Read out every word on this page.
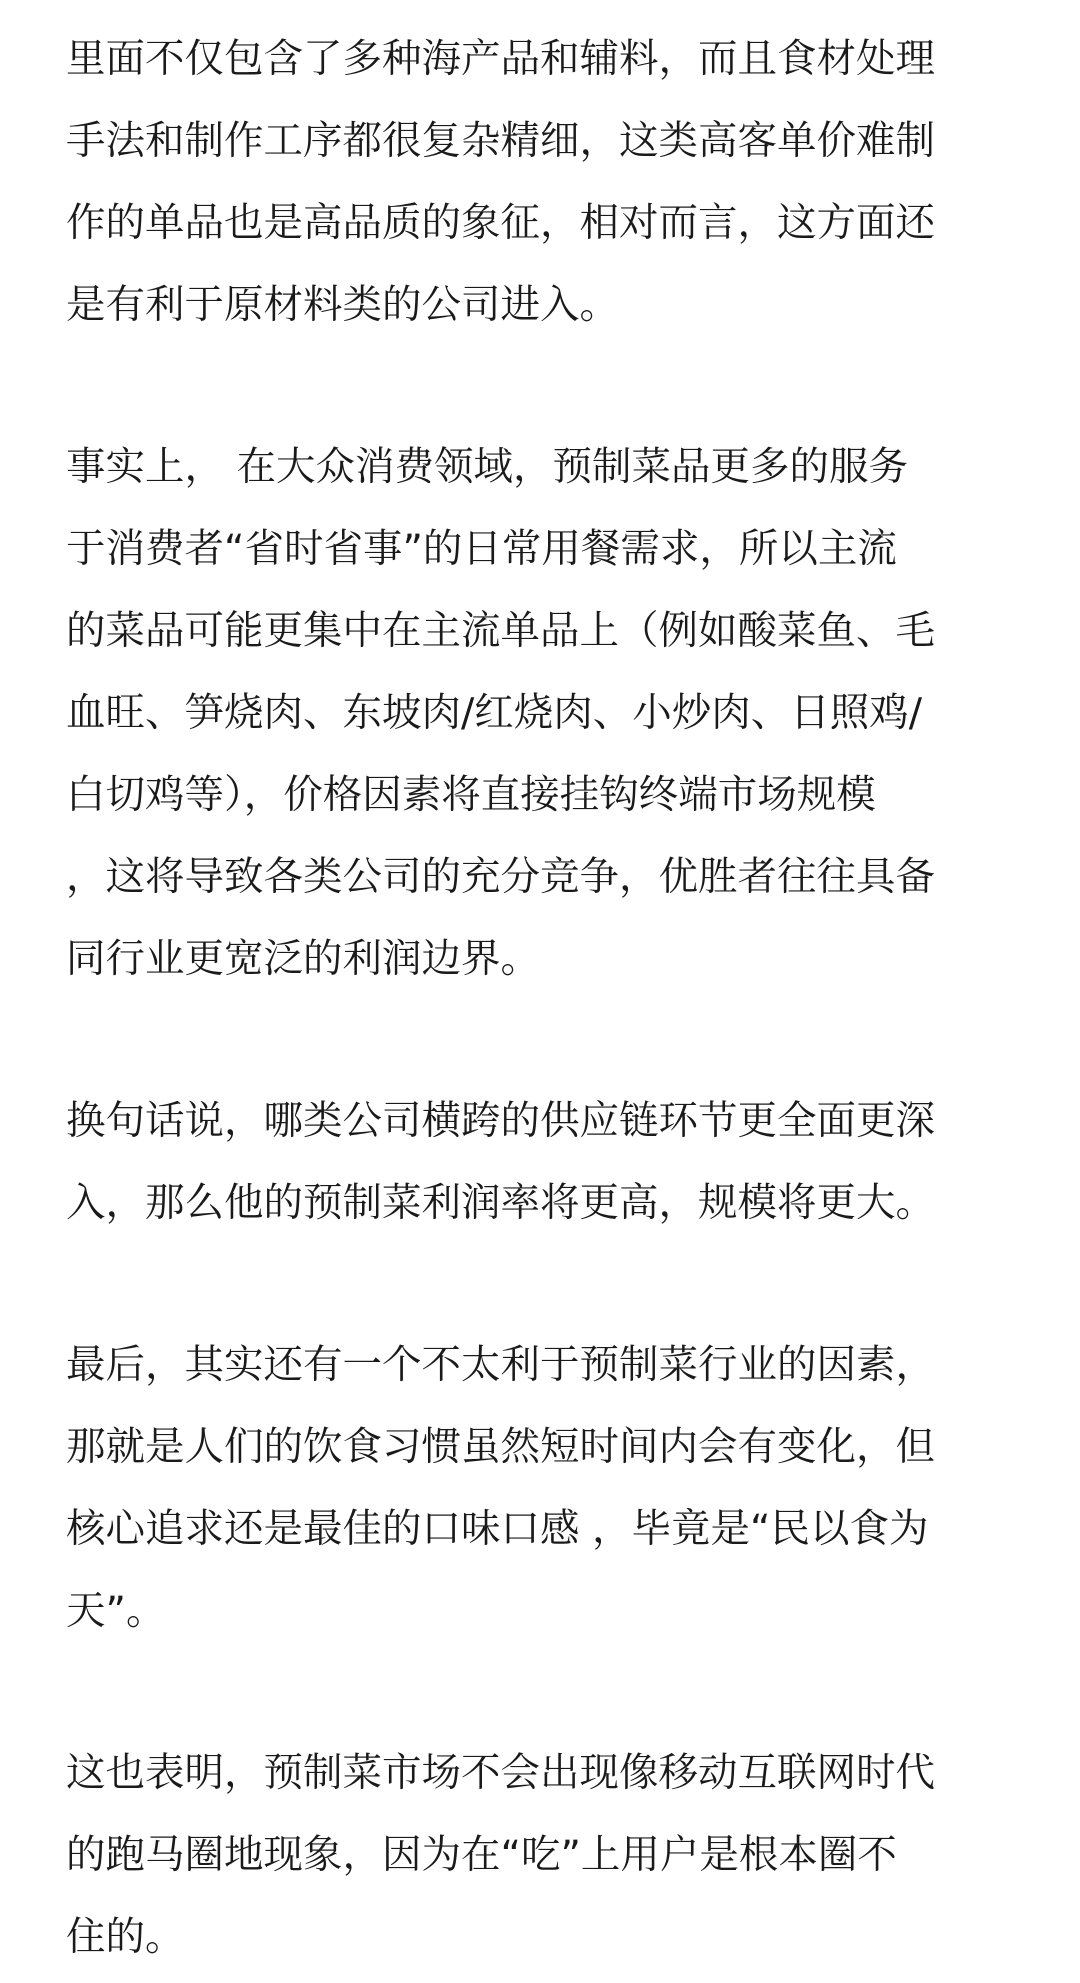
里面不仅包含了多种海产品和辅料，而且食材处理
手法和制作工序都很复杂精细，这类高客单价难制
作的单品也是高品质的象征，相对而言，这方面还
是有利于原材料类的公司进入。

事实上， 在大众消费领域，预制菜品更多的服务
于消费者“省时省事”的日常用餐需求，所以主流
的菜品可能更集中在主流单品上（例如酸菜鱼、毛
血旺、笋烧肉、东坡肉/红烧肉、小炒肉、日照鸡/
白切鸡等），价格因素将直接挂钩终端市场规模
，这将导致各类公司的充分竞争，优胜者往往具备
同行业更宽泛的利润边界。

换句话说，哪类公司横跨的供应链环节更全面更深
入，那么他的预制菜利润率将更高，规模将更大。

最后，其实还有一个不太利于预制菜行业的因素，
那就是人们的饮食习惯虽然短时间内会有变化，但
核心追求还是最佳的口味口感 ，毕竟是“民以食为
天”。

这也表明，预制菜市场不会出现像移动互联网时代
的跑马圈地现象，因为在“吃”上用户是根本圈不
住的。
